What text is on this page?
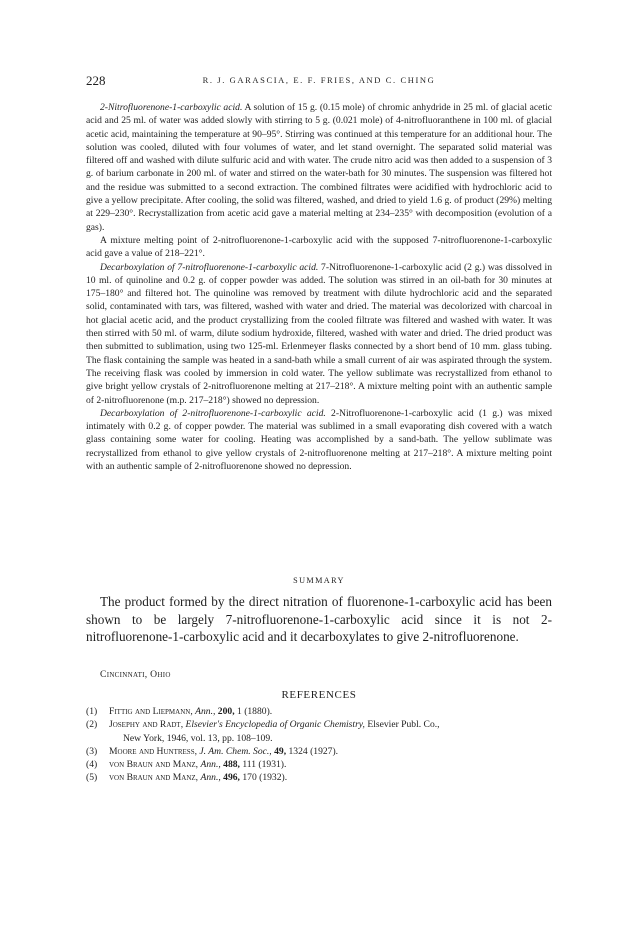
228	R. J. GARASCIA, E. F. FRIES, AND C. CHING

2-Nitrofluorenone-1-carboxylic acid. A solution of 15 g. (0.15 mole) of chromic anhydride in 25 ml. of glacial acetic acid and 25 ml. of water was added slowly with stirring to 5 g. (0.021 mole) of 4-nitrofluoranthene in 100 ml. of glacial acetic acid, maintaining the temperature at 90–95°. Stirring was continued at this temperature for an additional hour. The solution was cooled, diluted with four volumes of water, and let stand overnight. The separated solid material was filtered off and washed with dilute sulfuric acid and with water. The crude nitro acid was then added to a suspension of 3 g. of barium carbonate in 200 ml. of water and stirred on the water-bath for 30 minutes. The suspension was filtered hot and the residue was submitted to a second extraction. The combined filtrates were acidified with hydrochloric acid to give a yellow precipitate. After cooling, the solid was filtered, washed, and dried to yield 1.6 g. of product (29%) melting at 229–230°. Recrystallization from acetic acid gave a material melting at 234–235° with decomposition (evolution of a gas).

A mixture melting point of 2-nitrofluorenone-1-carboxylic acid with the supposed 7-nitrofluorenone-1-carboxylic acid gave a value of 218–221°.

Decarboxylation of 7-nitrofluorenone-1-carboxylic acid. 7-Nitrofluorenone-1-carboxylic acid (2 g.) was dissolved in 10 ml. of quinoline and 0.2 g. of copper powder was added. The solution was stirred in an oil-bath for 30 minutes at 175–180° and filtered hot. The quinoline was removed by treatment with dilute hydrochloric acid and the separated solid, contaminated with tars, was filtered, washed with water and dried. The material was decolorized with charcoal in hot glacial acetic acid, and the product crystallizing from the cooled filtrate was filtered and washed with water. It was then stirred with 50 ml. of warm, dilute sodium hydroxide, filtered, washed with water and dried. The dried product was then submitted to sublimation, using two 125-ml. Erlenmeyer flasks connected by a short bend of 10 mm. glass tubing. The flask containing the sample was heated in a sand-bath while a small current of air was aspirated through the system. The receiving flask was cooled by immersion in cold water. The yellow sublimate was recrystallized from ethanol to give bright yellow crystals of 2-nitrofluorenone melting at 217–218°. A mixture melting point with an authentic sample of 2-nitrofluorenone (m.p. 217–218°) showed no depression.

Decarboxylation of 2-nitrofluorenone-1-carboxylic acid. 2-Nitrofluorenone-1-carboxylic acid (1 g.) was mixed intimately with 0.2 g. of copper powder. The material was sublimed in a small evaporating dish covered with a watch glass containing some water for cooling. Heating was accomplished by a sand-bath. The yellow sublimate was recrystallized from ethanol to give yellow crystals of 2-nitrofluorenone melting at 217–218°. A mixture melting point with an authentic sample of 2-nitrofluorenone showed no depression.

SUMMARY

The product formed by the direct nitration of fluorenone-1-carboxylic acid has been shown to be largely 7-nitrofluorenone-1-carboxylic acid since it is not 2-nitrofluorenone-1-carboxylic acid and it decarboxylates to give 2-nitrofluorenone.

Cincinnati, Ohio
REFERENCES
(1) Fittig and Liepmann, Ann., 200, 1 (1880).
(2) Josephy and Radt, Elsevier's Encyclopedia of Organic Chemistry, Elsevier Publ. Co.,
New York, 1946, vol. 13, pp. 108–109.
(3) Moore and Huntress, J. Am. Chem. Soc., 49, 1324 (1927).
(4) von Braun and Manz, Ann., 488, 111 (1931).
(5) von Braun and Manz, Ann., 496, 170 (1932).
